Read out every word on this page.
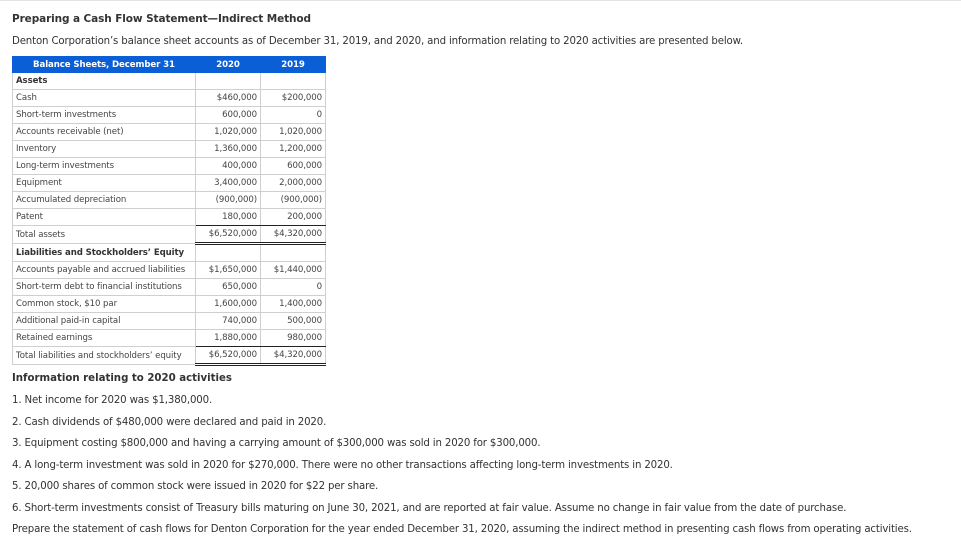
Preparing a Cash Flow Statement—Indirect Method
Denton Corporation’s balance sheet accounts as of December 31, 2019, and 2020, and information relating to 2020 activities are presented below.
Balance Sheets, December 31	2020	2019
Assets		
Cash	$460,000	$200,000
Short-term investments	600,000	0
Accounts receivable (net)	1,020,000	1,020,000
Inventory	1,360,000	1,200,000
Long-term investments	400,000	600,000
Equipment	3,400,000	2,000,000
Accumulated depreciation	(900,000)	(900,000)
Patent	180,000	200,000
Total assets	$6,520,000	$4,320,000
Liabilities and Stockholders’ Equity		
Accounts payable and accrued liabilities	$1,650,000	$1,440,000
Short-term debt to financial institutions	650,000	0
Common stock, $10 par	1,600,000	1,400,000
Additional paid-in capital	740,000	500,000
Retained earnings	1,880,000	980,000
Total liabilities and stockholders’ equity	$6,520,000	$4,320,000
Information relating to 2020 activities
1. Net income for 2020 was $1,380,000.
2. Cash dividends of $480,000 were declared and paid in 2020.
3. Equipment costing $800,000 and having a carrying amount of $300,000 was sold in 2020 for $300,000.
4. A long-term investment was sold in 2020 for $270,000. There were no other transactions affecting long-term investments in 2020.
5. 20,000 shares of common stock were issued in 2020 for $22 per share.
6. Short-term investments consist of Treasury bills maturing on June 30, 2021, and are reported at fair value. Assume no change in fair value from the date of purchase.
Prepare the statement of cash flows for Denton Corporation for the year ended December 31, 2020, assuming the indirect method in presenting cash flows from operating activities.
